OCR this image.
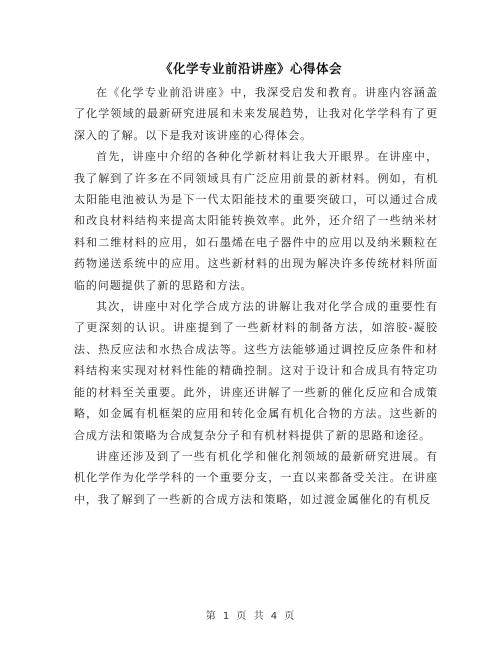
《化学专业前沿讲座》心得体会

在《化学专业前沿讲座》中，我深受启发和教育。讲座内容涵盖了化学领域的最新研究进展和未来发展趋势，让我对化学学科有了更深入的了解。以下是我对该讲座的心得体会。

首先，讲座中介绍的各种化学新材料让我大开眼界。在讲座中，我了解到了许多在不同领域具有广泛应用前景的新材料。例如，有机太阳能电池被认为是下一代太阳能技术的重要突破口，可以通过合成和改良材料结构来提高太阳能转换效率。此外，还介绍了一些纳米材料和二维材料的应用，如石墨烯在电子器件中的应用以及纳米颗粒在药物递送系统中的应用。这些新材料的出现为解决许多传统材料所面临的问题提供了新的思路和方法。

其次，讲座中对化学合成方法的讲解让我对化学合成的重要性有了更深刻的认识。讲座提到了一些新材料的制备方法，如溶胶-凝胶法、热反应法和水热合成法等。这些方法能够通过调控反应条件和材料结构来实现对材料性能的精确控制。这对于设计和合成具有特定功能的材料至关重要。此外，讲座还讲解了一些新的催化反应和合成策略，如金属有机框架的应用和转化金属有机化合物的方法。这些新的合成方法和策略为合成复杂分子和有机材料提供了新的思路和途径。

讲座还涉及到了一些有机化学和催化剂领域的最新研究进展。有机化学作为化学学科的一个重要分支，一直以来都备受关注。在讲座中，我了解到了一些新的合成方法和策略，如过渡金属催化的有机反

第 1 页 共 4 页
